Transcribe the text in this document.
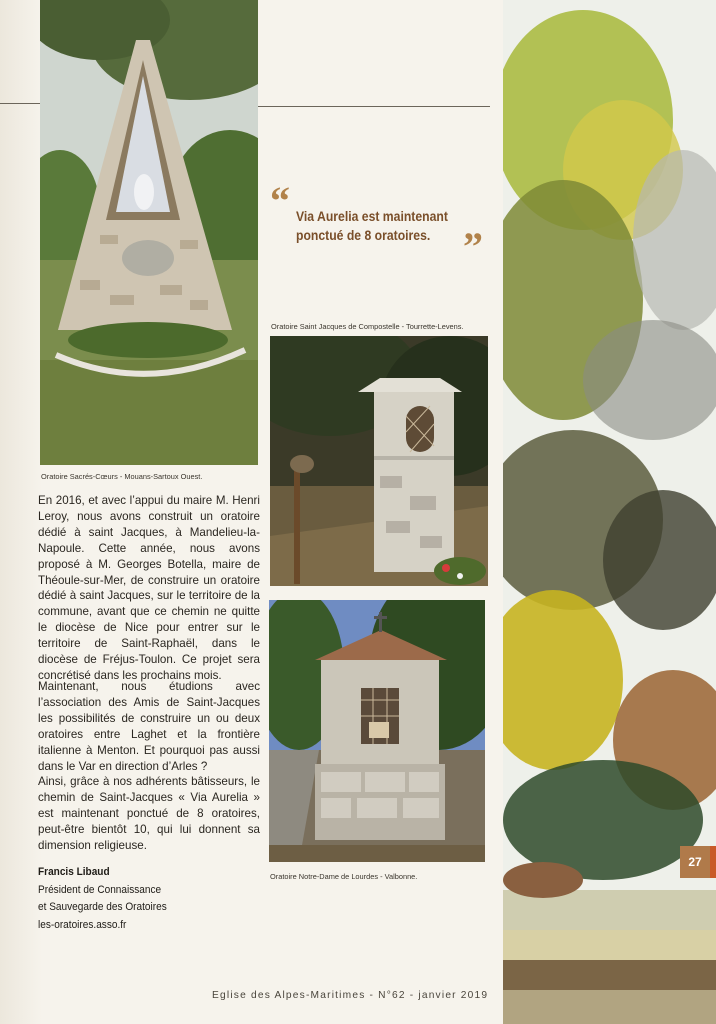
Oratoire Sacrés-Cœurs - Mouans-Sartoux Ouest.
“ Via Aurelia est maintenant ponctué de 8 oratoires. ”
Oratoire Saint Jacques de Compostelle - Tourrette-Levens.
Oratoire Notre-Dame de Lourdes - Valbonne.

En 2016, et avec l’appui du maire M. Henri Leroy, nous avons construit un oratoire dédié à saint Jacques, à Mandelieu-la-Napoule. Cette année, nous avons proposé à M. Georges Botella, maire de Théoule-sur-Mer, de construire un oratoire dédié à saint Jacques, sur le territoire de la commune, avant que ce chemin ne quitte le diocèse de Nice pour entrer sur le territoire de Saint-Raphaël, dans le diocèse de Fréjus-Toulon. Ce projet sera concrétisé dans les prochains mois.

Maintenant, nous étudions avec l’association des Amis de Saint-Jacques les possibilités de construire un ou deux oratoires entre Laghet et la frontière italienne à Menton. Et pourquoi pas aussi dans le Var en direction d’Arles ?

Ainsi, grâce à nos adhérents bâtisseurs, le chemin de Saint-Jacques « Via Aurelia » est maintenant ponctué de 8 oratoires, peut-être bientôt 10, qui lui donnent sa dimension religieuse.

Francis Libaud
Président de Connaissance
et Sauvegarde des Oratoires
les-oratoires.asso.fr
27
Eglise des Alpes-Maritimes - N°62 - janvier 2019
